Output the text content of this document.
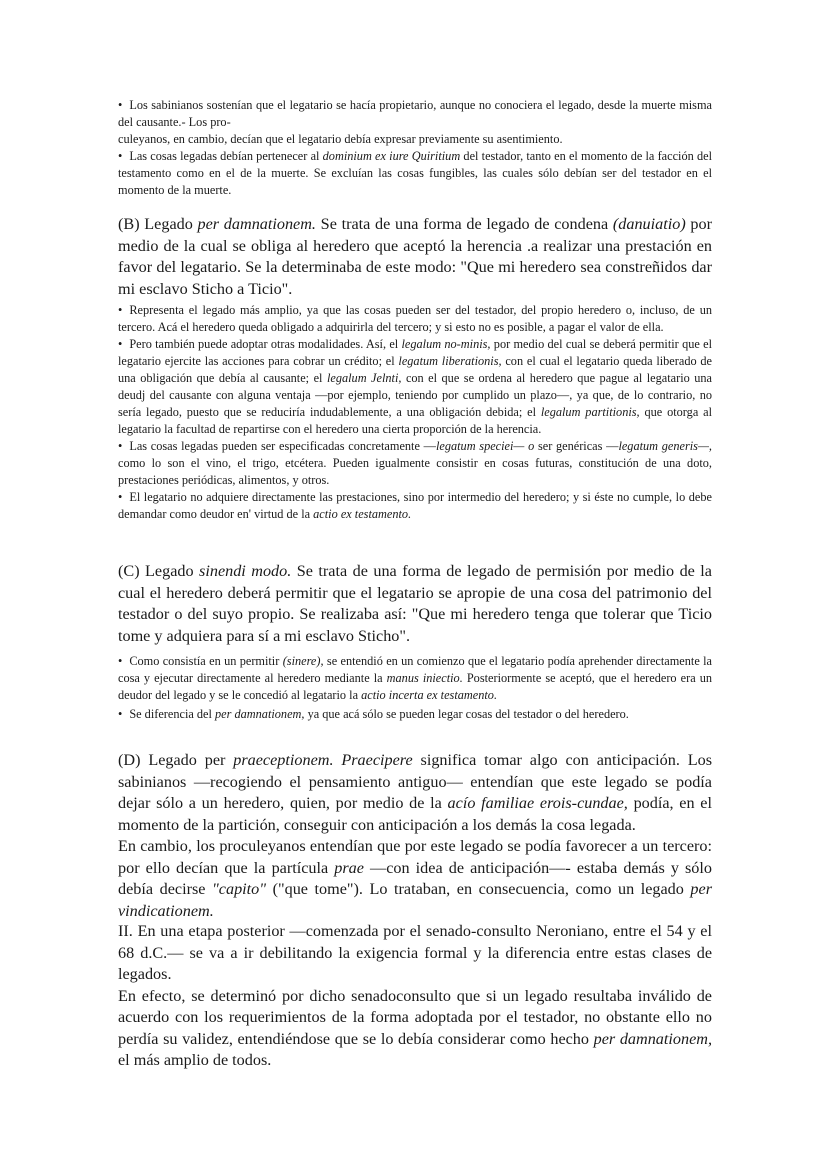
• Los sabinianos sostenían que el legatario se hacía propietario, aunque no conociera el legado, desde la muerte misma del causante.- Los pro-

culeyanos, en cambio, decían que el legatario debía expresar previamente su asentimiento.

• Las cosas legadas debían pertenecer al dominium ex iure Quiritium del testador, tanto en el momento de la facción del testamento como en el de la muerte. Se excluían las cosas fungibles, las cuales sólo debían ser del testador en el momento de la muerte.

(B) Legado per damnationem. Se trata de una forma de legado de condena (danuiatio) por medio de la cual se obliga al heredero que aceptó la herencia .a realizar una prestación en favor del legatario. Se la determinaba de este modo: "Que mi heredero sea constreñidos dar mi esclavo Sticho a Ticio".

• Representa el legado más amplio, ya que las cosas pueden ser del testador, del propio heredero o, incluso, de un tercero. Acá el heredero queda obligado a adquirirla del tercero; y si esto no es posible, a pagar el valor de ella.

• Pero también puede adoptar otras modalidades. Así, el legalum no-minis, por medio del cual se deberá permitir que el legatario ejercite las acciones para cobrar un crédito; el legatum liberationis, con el cual el legatario queda liberado de una obligación que debía al causante; el legalum Jelnti, con el que se ordena al heredero que pague al legatario una deudj del causante con alguna ventaja —por ejemplo, teniendo por cumplido un plazo—, ya que, de lo contrario, no sería legado, puesto que se reduciría indudablemente, a una obligación debida; el legalum partitionis, que otorga al legatario la facultad de repartirse con el heredero una cierta proporción de la herencia.

• Las cosas legadas pueden ser especificadas concretamente —legatum speciei— o ser genéricas —legatum generis—, como lo son el vino, el trigo, etcétera. Pueden igualmente consistir en cosas futuras, constitución de una doto, prestaciones periódicas, alimentos, y otros.

• El legatario no adquiere directamente las prestaciones, sino por intermedio del heredero; y si éste no cumple, lo debe demandar como deudor en' virtud de la actio ex testamento.

(C) Legado sinendi modo. Se trata de una forma de legado de permisión por medio de la cual el heredero deberá permitir que el legatario se apropie de una cosa del patrimonio del testador o del suyo propio. Se realizaba así: "Que mi heredero tenga que tolerar que Ticio tome y adquiera para sí a mi esclavo Sticho".

• Como consistía en un permitir (sinere), se entendió en un comienzo que el legatario podía aprehender directamente la cosa y ejecutar directamente al heredero mediante la manus iniectio. Posteriormente se aceptó, que el heredero era un deudor del legado y se le concedió al legatario la actio incerta ex testamento.

• Se diferencia del per damnationem, ya que acá sólo se pueden legar cosas del testador o del heredero.

(D) Legado per praeceptionem. Praecipere significa tomar algo con anticipación. Los sabinianos —recogiendo el pensamiento antiguo— entendían que este legado se podía dejar sólo a un heredero, quien, por medio de la acío familiae erois-cundae, podía, en el momento de la partición, conseguir con anticipación a los demás la cosa legada.

En cambio, los proculeyanos entendían que por este legado se podía favorecer a un tercero: por ello decían que la partícula prae —con idea de anticipación—- estaba demás y sólo debía decirse "capito" ("que tome"). Lo trataban, en consecuencia, como un legado per vindicationem.

II. En una etapa posterior —comenzada por el senado-consulto Neroniano, entre el 54 y el 68 d.C.— se va a ir debilitando la exigencia formal y la diferencia entre estas clases de legados.

En efecto, se determinó por dicho senadoconsulto que si un legado resultaba inválido de acuerdo con los requerimientos de la forma adoptada por el testador, no obstante ello no perdía su validez, entendiéndose que se lo debía considerar como hecho per damnationem, el más amplio de todos.
